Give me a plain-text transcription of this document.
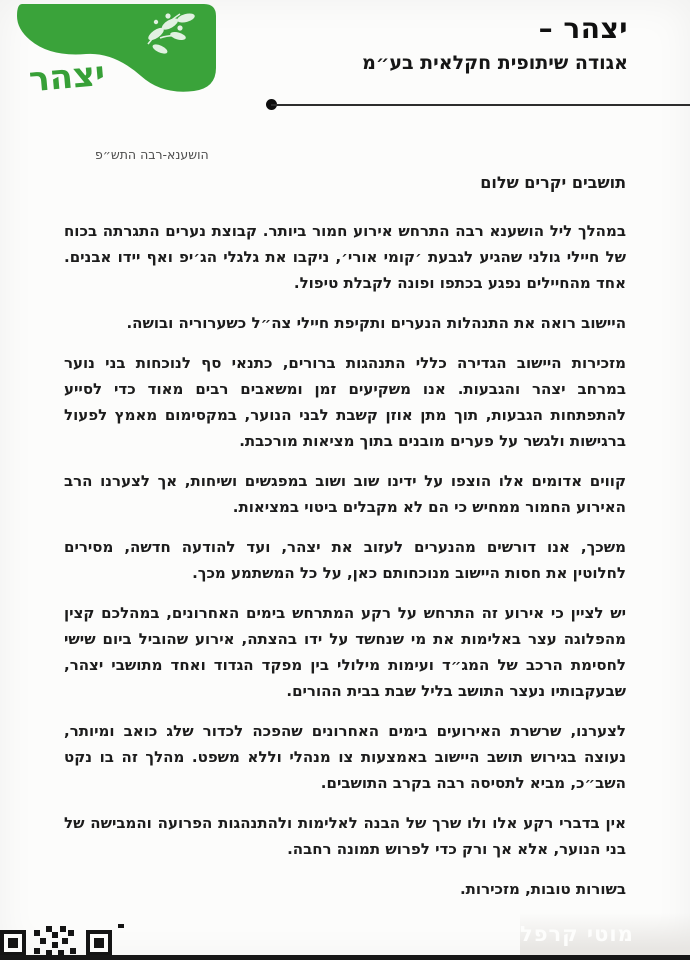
יצהר
יצהר –
אגודה שיתופית חקלאית בע״מ
הושענא-רבה התש״פ

תושבים יקרים שלום

במהלך ליל הושענא רבה התרחש אירוע חמור ביותר. קבוצת נערים התגרתה בכוח של חיילי גולני שהגיע לגבעת ׳קומי אורי׳, ניקבו את גלגלי הג׳יפ ואף יידו אבנים. אחד מהחיילים נפגע בכתפו ופונה לקבלת טיפול.

היישוב רואה את התנהלות הנערים ותקיפת חיילי צה״ל כשערוריה ובושה.

מזכירות היישוב הגדירה כללי התנהגות ברורים, כתנאי סף לנוכחות בני נוער במרחב יצהר והגבעות. אנו משקיעים זמן ומשאבים רבים מאוד כדי לסייע להתפתחות הגבעות, תוך מתן אוזן קשבת לבני הנוער, במקסימום מאמץ לפעול ברגישות ולגשר על פערים מובנים בתוך מציאות מורכבת.

קווים אדומים אלו הוצפו על ידינו שוב ושוב במפגשים ושיחות, אך לצערנו הרב האירוע החמור ממחיש כי הם לא מקבלים ביטוי במציאות.

משכך, אנו דורשים מהנערים לעזוב את יצהר, ועד להודעה חדשה, מסירים לחלוטין את חסות היישוב מנוכחותם כאן, על כל המשתמע מכך.

יש לציין כי אירוע זה התרחש על רקע המתרחש בימים האחרונים, במהלכם קצין מהפלוגה עצר באלימות את מי שנחשד על ידו בהצתה, אירוע שהוביל ביום שישי לחסימת הרכב של המג״ד ועימות מילולי בין מפקד הגדוד ואחד מתושבי יצהר, שבעקבותיו נעצר התושב בליל שבת בבית ההורים.

לצערנו, שרשרת האירועים בימים האחרונים שהפכה לכדור שלג כואב ומיותר, נעוצה בגירוש תושב היישוב באמצעות צו מנהלי וללא משפט. מהלך זה בו נקט השב״כ, מביא לתסיסה רבה בקרב התושבים.

אין בדברי רקע אלו ולו שרך של הבנה לאלימות ולהתנהגות הפרועה והמבישה של בני הנוער, אלא אך ורק כדי לפרוש תמונה רחבה.

בשורות טובות, מזכירות.

מוטי קרפל
